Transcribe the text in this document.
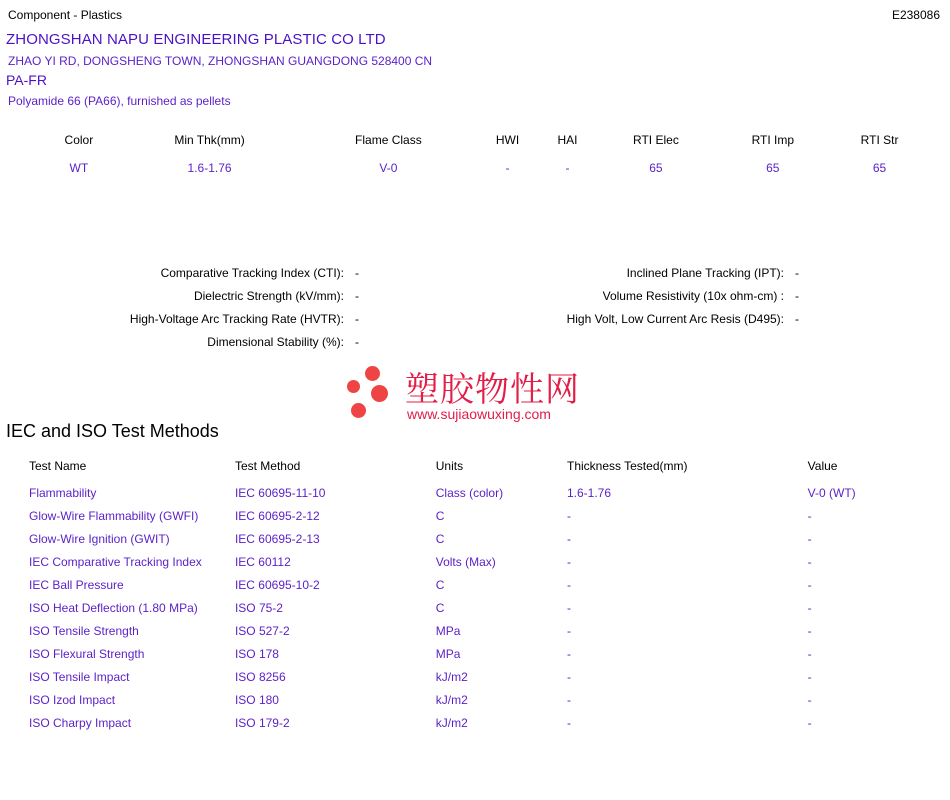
Component - Plastics	E238086
ZHONGSHAN NAPU ENGINEERING PLASTIC CO LTD
ZHAO YI RD, DONGSHENG TOWN, ZHONGSHAN GUANGDONG 528400 CN
PA-FR
Polyamide 66 (PA66), furnished as pellets
Color	Min Thk(mm)	Flame Class	HWI	HAI	RTI Elec	RTI Imp	RTI Str
WT	1.6-1.76	V-0	-	-	65	65	65
Comparative Tracking Index (CTI): -	Inclined Plane Tracking (IPT): -
Dielectric Strength (kV/mm): -	Volume Resistivity (10x ohm-cm) : -
High-Voltage Arc Tracking Rate (HVTR): -	High Volt, Low Current Arc Resis (D495): -
Dimensional Stability (%): -
塑胶物性网
www.sujiaowuxing.com
IEC and ISO Test Methods
Test Name	Test Method	Units	Thickness Tested(mm)	Value
Flammability	IEC 60695-11-10	Class (color)	1.6-1.76	V-0 (WT)
Glow-Wire Flammability (GWFI)	IEC 60695-2-12	C	-	-
Glow-Wire Ignition (GWIT)	IEC 60695-2-13	C	-	-
IEC Comparative Tracking Index	IEC 60112	Volts (Max)	-	-
IEC Ball Pressure	IEC 60695-10-2	C	-	-
ISO Heat Deflection (1.80 MPa)	ISO 75-2	C	-	-
ISO Tensile Strength	ISO 527-2	MPa	-	-
ISO Flexural Strength	ISO 178	MPa	-	-
ISO Tensile Impact	ISO 8256	kJ/m2	-	-
ISO Izod Impact	ISO 180	kJ/m2	-	-
ISO Charpy Impact	ISO 179-2	kJ/m2	-	-
